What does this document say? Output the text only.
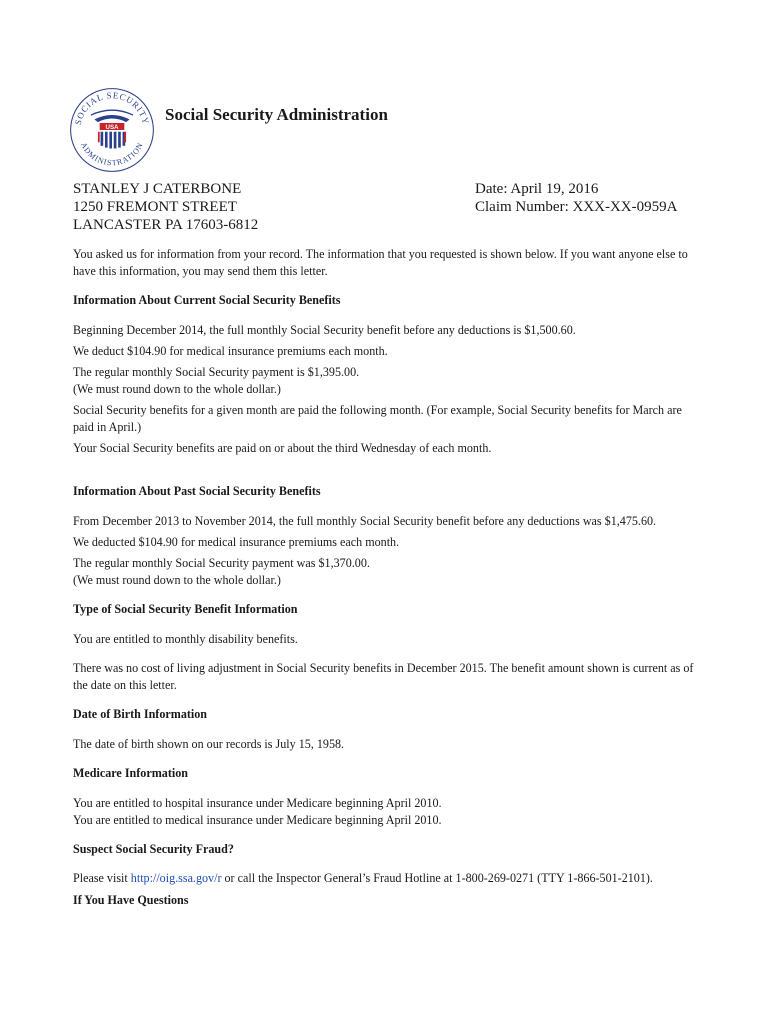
SOCIAL SECURITY
ADMINISTRATION
USA
Social Security Administration
STANLEY J CATERBONE
1250 FREMONT STREET
LANCASTER PA 17603-6812
Date: April 19, 2016
Claim Number: XXX-XX-0959A

You asked us for information from your record. The information that you requested is shown below. If you want anyone else to have this information, you may send them this letter.

Information About Current Social Security Benefits

Beginning December 2014, the full monthly Social Security benefit before any deductions is $1,500.60.

We deduct $104.90 for medical insurance premiums each month.

The regular monthly Social Security payment is $1,395.00.

(We must round down to the whole dollar.)

Social Security benefits for a given month are paid the following month. (For example, Social Security benefits for March are paid in April.)

Your Social Security benefits are paid on or about the third Wednesday of each month.

Information About Past Social Security Benefits

From December 2013 to November 2014, the full monthly Social Security benefit before any deductions was $1,475.60.

We deducted $104.90 for medical insurance premiums each month.

The regular monthly Social Security payment was $1,370.00.

(We must round down to the whole dollar.)

Type of Social Security Benefit Information

You are entitled to monthly disability benefits.

There was no cost of living adjustment in Social Security benefits in December 2015. The benefit amount shown is current as of the date on this letter.

Date of Birth Information

The date of birth shown on our records is July 15, 1958.

Medicare Information

You are entitled to hospital insurance under Medicare beginning April 2010.

You are entitled to medical insurance under Medicare beginning April 2010.

Suspect Social Security Fraud?

Please visit http://oig.ssa.gov/r or call the Inspector General’s Fraud Hotline at 1-800-269-0271 (TTY 1-866-501-2101).

If You Have Questions
